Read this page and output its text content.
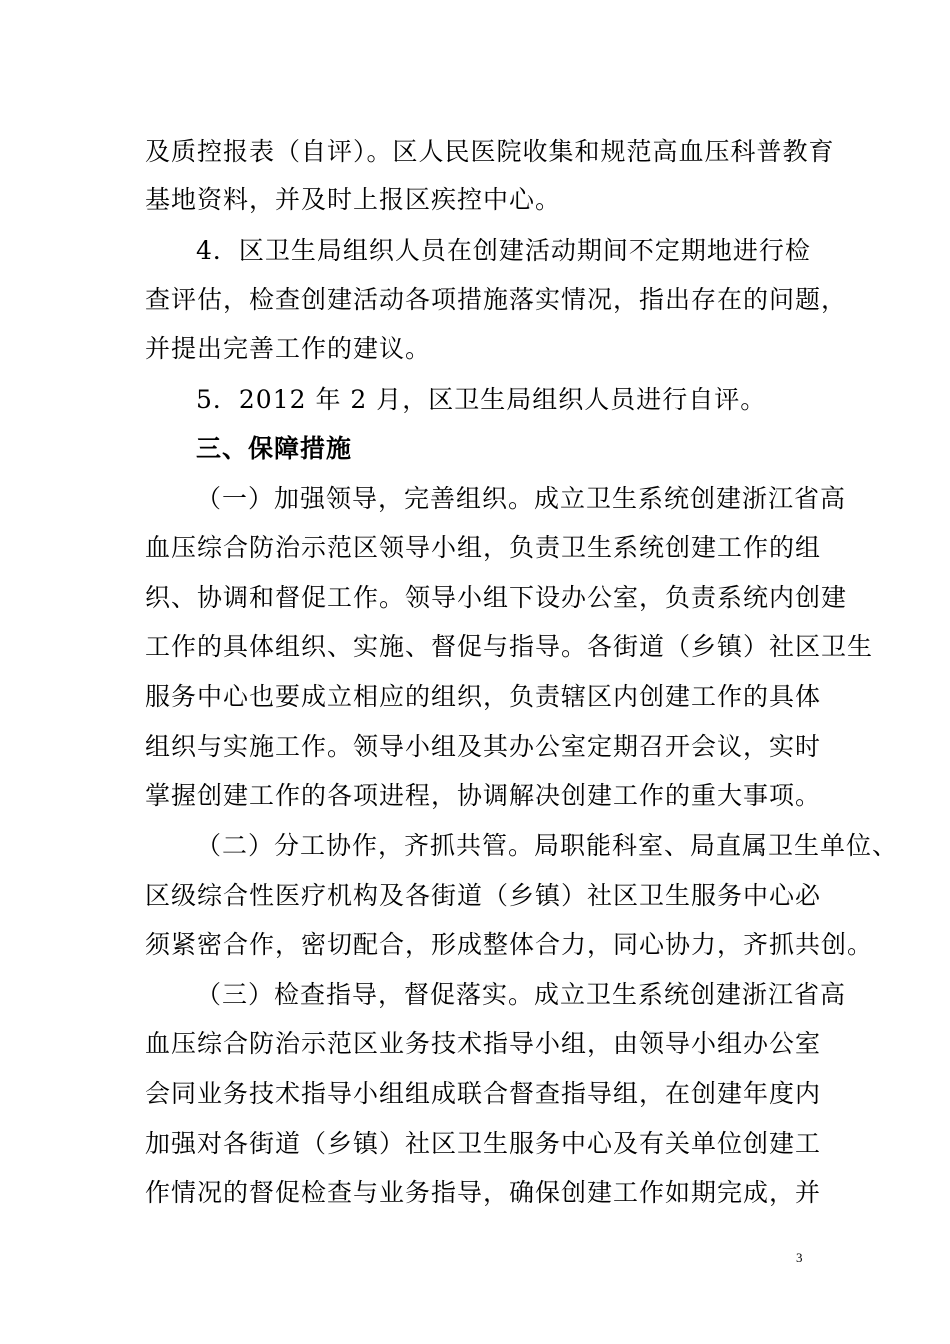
及质控报表（自评）。区人民医院收集和规范高血压科普教育
基地资料，并及时上报区疾控中心。
4．区卫生局组织人员在创建活动期间不定期地进行检
查评估，检查创建活动各项措施落实情况，指出存在的问题，
并提出完善工作的建议。
5．2012 年 2 月，区卫生局组织人员进行自评。
三、保障措施
（一）加强领导，完善组织。成立卫生系统创建浙江省高
血压综合防治示范区领导小组，负责卫生系统创建工作的组
织、协调和督促工作。领导小组下设办公室，负责系统内创建
工作的具体组织、实施、督促与指导。各街道（乡镇）社区卫生
服务中心也要成立相应的组织，负责辖区内创建工作的具体
组织与实施工作。领导小组及其办公室定期召开会议，实时
掌握创建工作的各项进程，协调解决创建工作的重大事项。
（二）分工协作，齐抓共管。局职能科室、局直属卫生单位、
区级综合性医疗机构及各街道（乡镇）社区卫生服务中心必
须紧密合作，密切配合，形成整体合力，同心协力，齐抓共创。
（三）检查指导，督促落实。成立卫生系统创建浙江省高
血压综合防治示范区业务技术指导小组，由领导小组办公室
会同业务技术指导小组组成联合督查指导组，在创建年度内
加强对各街道（乡镇）社区卫生服务中心及有关单位创建工
作情况的督促检查与业务指导，确保创建工作如期完成，并
3
